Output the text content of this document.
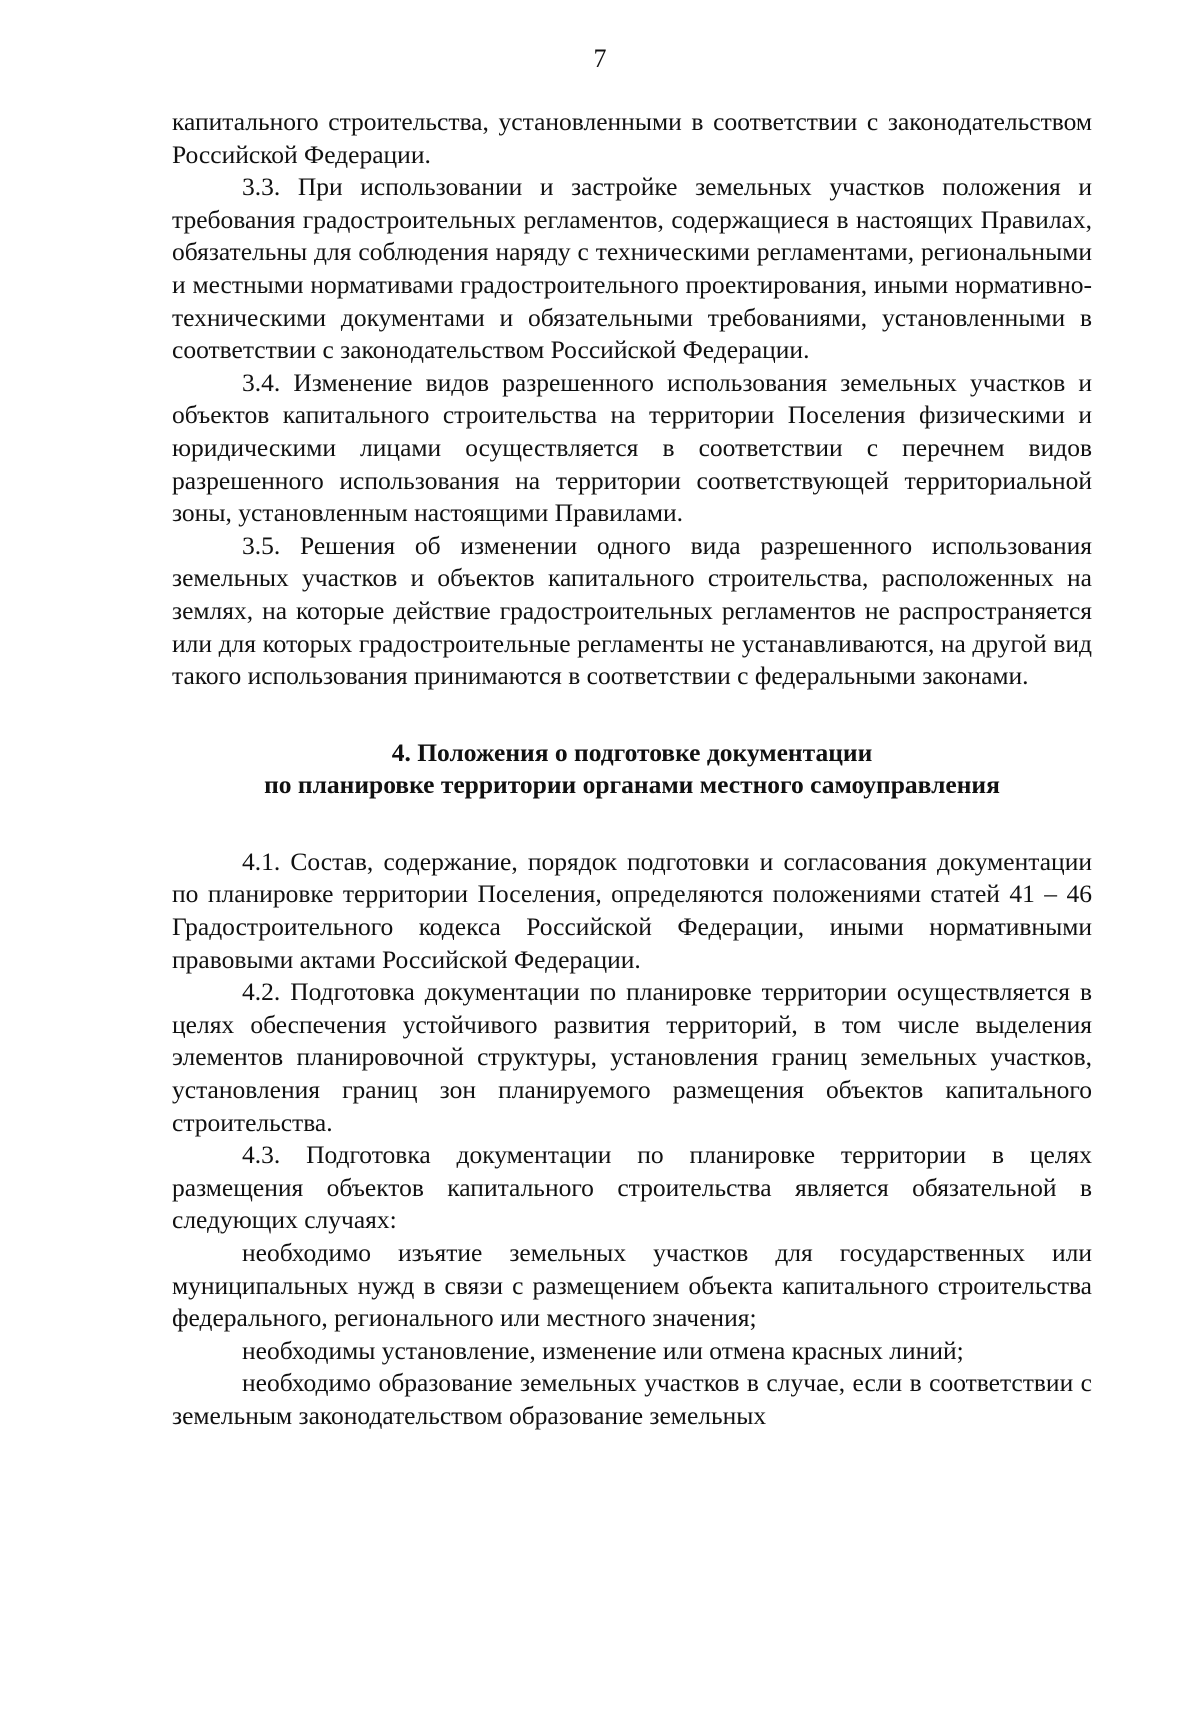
7

капитального строительства, установленными в соответствии с законодательством Российской Федерации.

3.3. При использовании и застройке земельных участков положения и требования градостроительных регламентов, содержащиеся в настоящих Правилах, обязательны для соблюдения наряду с техническими регламентами, региональными и местными нормативами градостроительного проектирования, иными нормативно-техническими документами и обязательными требованиями, установленными в соответствии с законодательством Российской Федерации.

3.4. Изменение видов разрешенного использования земельных участков и объектов капитального строительства на территории Поселения физическими и юридическими лицами осуществляется в соответствии с перечнем видов разрешенного использования на территории соответствующей территориальной зоны, установленным настоящими Правилами.

3.5. Решения об изменении одного вида разрешенного использования земельных участков и объектов капитального строительства, расположенных на землях, на которые действие градостроительных регламентов не распространяется или для которых градостроительные регламенты не устанавливаются, на другой вид такого использования принимаются в соответствии с федеральными законами.

4. Положения о подготовке документации
по планировке территории органами местного самоуправления

4.1. Состав, содержание, порядок подготовки и согласования документации по планировке территории Поселения, определяются положениями статей 41 – 46 Градостроительного кодекса Российской Федерации, иными нормативными правовыми актами Российской Федерации.

4.2. Подготовка документации по планировке территории осуществляется в целях обеспечения устойчивого развития территорий, в том числе выделения элементов планировочной структуры, установления границ земельных участков, установления границ зон планируемого размещения объектов капитального строительства.

4.3. Подготовка документации по планировке территории в целях размещения объектов капитального строительства является обязательной в следующих случаях:

необходимо изъятие земельных участков для государственных или муниципальных нужд в связи с размещением объекта капитального строительства федерального, регионального или местного значения;

необходимы установление, изменение или отмена красных линий;

необходимо образование земельных участков в случае, если в соответствии с земельным законодательством образование земельных
